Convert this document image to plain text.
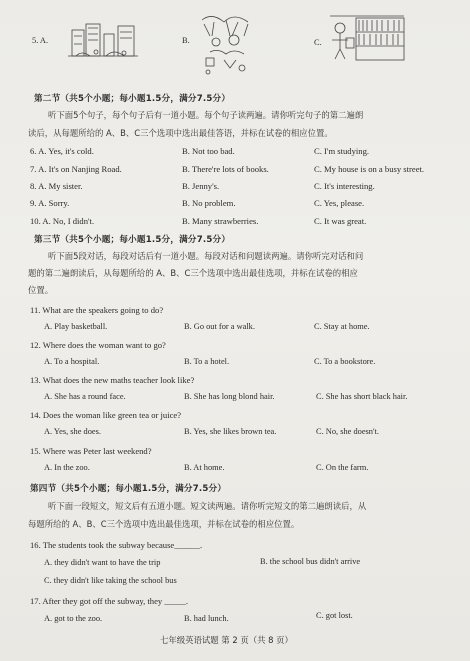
5. A.	B.	C.
第二节（共5个小题；每小题1.5分，满分7.5分）
听下面5个句子，每个句子后有一道小题。每个句子读两遍。请你听完句子的第二遍朗
读后，从每题所给的 A、B、C三个选项中选出最佳答语，并标在试卷的相应位置。
6. A. Yes, it's cold.	B. Not too bad.	C. I'm studying.
7. A. It's on Nanjing Road.	B. There're lots of books.	C. My house is on a busy street.
8. A. My sister.	B. Jenny's.	C. It's interesting.
9. A. Sorry.	B. No problem.	C. Yes, please.
10. A. No, I didn't.	B. Many strawberries.	C. It was great.
第三节（共5个小题；每小题1.5分，满分7.5分）
听下面5段对话，每段对话后有一道小题。每段对话和问题读两遍。请你听完对话和问
题的第二遍朗读后，从每题所给的 A、B、C三个选项中选出最佳选项，并标在试卷的相应
位置。
11. What are the speakers going to do?
A. Play basketball.	B. Go out for a walk.	C. Stay at home.
12. Where does the woman want to go?
A. To a hospital.	B. To a hotel.	C. To a bookstore.
13. What does the new maths teacher look like?
A. She has a round face.	B. She has long blond hair.	C. She has short black hair.
14. Does the woman like green tea or juice?
A. Yes, she does.	B. Yes, she likes brown tea.	C. No, she doesn't.
15. Where was Peter last weekend?
A. In the zoo.	B. At home.	C. On the farm.
第四节（共5个小题；每小题1.5分，满分7.5分）
听下面一段短文，短文后有五道小题。短文读两遍。请你听完短文的第二遍朗读后，从
每题所给的 A、B、C三个选项中选出最佳选项，并标在试卷的相应位置。
16. The students took the subway because______.
A. they didn't want to have the trip	B. the school bus didn't arrive
C. they didn't like taking the school bus
17. After they got off the subway, they _____.
A. got to the zoo.	B. had lunch.	C. got lost.
七年级英语试题 第 2 页（共 8 页）
